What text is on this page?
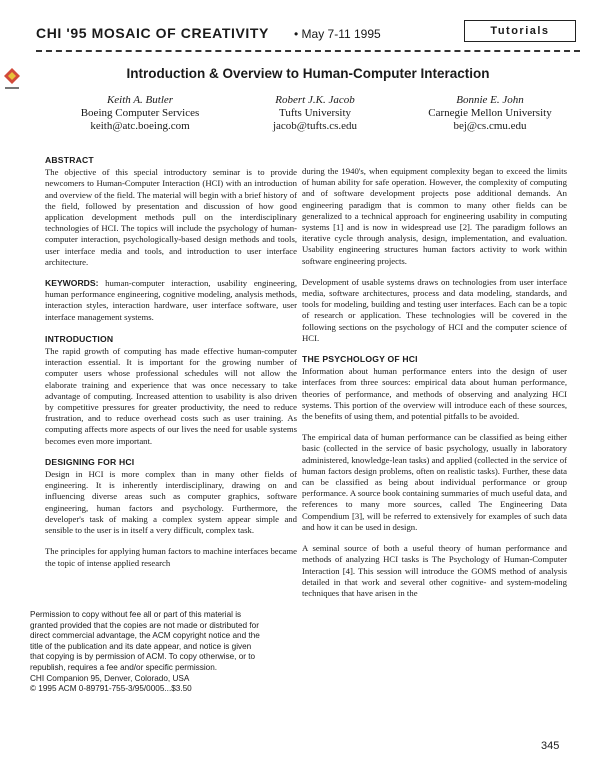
CHI '95 MOSAIC OF CREATIVITY • May 7-11 1995	Tutorials
Introduction & Overview to Human-Computer Interaction
Keith A. Butler
Boeing Computer Services
keith@atc.boeing.com
Robert J.K. Jacob
Tufts University
jacob@tufts.cs.edu
Bonnie E. John
Carnegie Mellon University
bej@cs.cmu.edu
ABSTRACT

The objective of this special introductory seminar is to provide newcomers to Human-Computer Interaction (HCI) with an introduction and overview of the field. The material will begin with a brief history of the field, followed by presentation and discussion of how good application development methods pull on the interdisciplinary technologies of HCI. The topics will include the psychology of human-computer interaction, psychologically-based design methods and tools, user interface media and tools, and introduction to user interface architecture.

KEYWORDS: human-computer interaction, usability engineering, human performance engineering, cognitive modeling, analysis methods, interaction styles, interaction hardware, user interface software, user interface management systems.

INTRODUCTION

The rapid growth of computing has made effective human-computer interaction essential. It is important for the growing number of computer users whose professional schedules will not allow the elaborate training and experience that was once necessary to take advantage of computing. Increased attention to usability is also driven by competitive pressures for greater productivity, the need to reduce frustration, and to reduce overhead costs such as user training. As computing affects more aspects of our lives the need for usable systems becomes even more important.

DESIGNING FOR HCI

Design in HCI is more complex than in many other fields of engineering. It is inherently interdisciplinary, drawing on and influencing diverse areas such as computer graphics, software engineering, human factors and psychology. Furthermore, the developer's task of making a complex system appear simple and sensible to the user is in itself a very difficult, complex task.

The principles for applying human factors to machine interfaces became the topic of intense applied research

Permission to copy without fee all or part of this material is
granted provided that the copies are not made or distributed for
direct commercial advantage, the ACM copyright notice and the
title of the publication and its date appear, and notice is given
that copying is by permission of ACM. To copy otherwise, or to
republish, requires a fee and/or specific permission.
CHI Companion 95, Denver, Colorado, USA
© 1995 ACM 0-89791-755-3/95/0005...$3.50

during the 1940's, when equipment complexity began to exceed the limits of human ability for safe operation. However, the complexity of computing and of software development projects pose additional demands. An engineering paradigm that is common to many other fields can be generalized to a technical approach for engineering usability in computing systems [1] and is now in widespread use [2]. The paradigm follows an iterative cycle through analysis, design, implementation, and evaluation. Usability engineering structures human factors activity to work within software engineering projects.

Development of usable systems draws on technologies from user interface media, software architectures, process and data modeling, standards, and tools for modeling, building and testing user interfaces. Each can be a topic of research or application. These technologies will be covered in the following sections on the psychology of HCI and the computer science of HCI.

THE PSYCHOLOGY OF HCI

Information about human performance enters into the design of user interfaces from three sources: empirical data about human performance, theories of performance, and methods of observing and analyzing HCI systems. This portion of the overview will introduce each of these sources, the benefits of using them, and potential pitfalls to be avoided.

The empirical data of human performance can be classified as being either basic (collected in the service of basic psychology, usually in laboratory administered, knowledge-lean tasks) and applied (collected in the service of human factors design problems, often on realistic tasks). Further, these data can be classified as being about individual performance or group performance. A source book containing summaries of much useful data, and references to many more sources, called The Engineering Data Compendium [3], will be referred to extensively for examples of such data and how it can be used in design.

A seminal source of both a useful theory of human performance and methods of analyzing HCI tasks is The Psychology of Human-Computer Interaction [4]. This session will introduce the GOMS method of analysis detailed in that work and several other cognitive- and system-modeling techniques that have arisen in the

345
